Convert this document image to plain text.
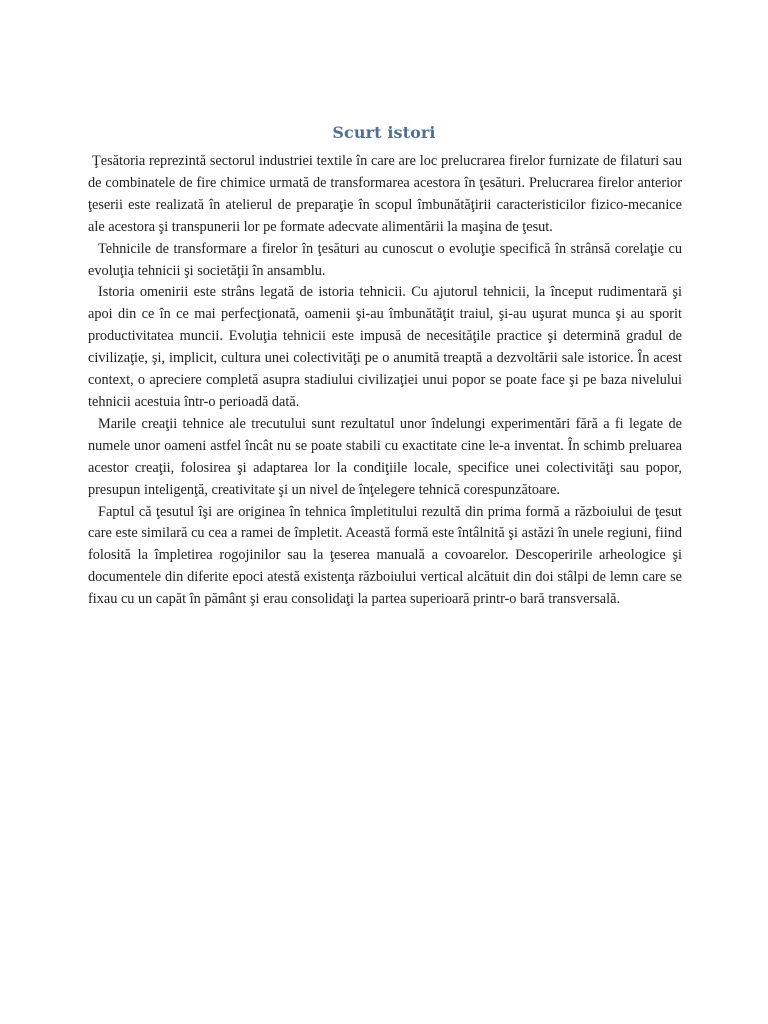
Scurt istori

Ţesătoria reprezintă sectorul industriei textile în care are loc prelucrarea firelor furnizate de filaturi sau de combinatele de fire chimice urmată de transformarea acestora în ţesături. Prelucrarea firelor anterior ţeserii este realizată în atelierul de preparaţie în scopul îmbunătăţirii caracteristicilor fizico-mecanice ale acestora şi transpunerii lor pe formate adecvate alimentării la maşina de ţesut.

Tehnicile de transformare a firelor în ţesături au cunoscut o evoluţie specifică în strânsă corelaţie cu evoluţia tehnicii şi societăţii în ansamblu.

Istoria omenirii este strâns legată de istoria tehnicii. Cu ajutorul tehnicii, la început rudimentară şi apoi din ce în ce mai perfecţionată, oamenii şi-au îmbunătăţit traiul, şi-au uşurat munca şi au sporit productivitatea muncii. Evoluţia tehnicii este impusă de necesităţile practice şi determină gradul de civilizaţie, şi, implicit, cultura unei colectivităţi pe o anumită treaptă a dezvoltării sale istorice. În acest context, o apreciere completă asupra stadiului civilizaţiei unui popor se poate face şi pe baza nivelului tehnicii acestuia într-o perioadă dată.

Marile creaţii tehnice ale trecutului sunt rezultatul unor îndelungi experimentări fără a fi legate de numele unor oameni astfel încât nu se poate stabili cu exactitate cine le-a inventat. În schimb preluarea acestor creaţii, folosirea şi adaptarea lor la condiţiile locale, specifice unei colectivităţi sau popor, presupun inteligenţă, creativitate şi un nivel de înţelegere tehnică corespunzătoare.

Faptul că ţesutul îşi are originea în tehnica împletitului rezultă din prima formă a războiului de ţesut care este similară cu cea a ramei de împletit. Această formă este întâlnită şi astăzi în unele regiuni, fiind folosită la împletirea rogojinilor sau la ţeserea manuală a covoarelor. Descoperirile arheologice şi documentele din diferite epoci atestă existenţa războiului vertical alcătuit din doi stâlpi de lemn care se fixau cu un capăt în pământ şi erau consolidaţi la partea superioară printr-o bară transversală.
